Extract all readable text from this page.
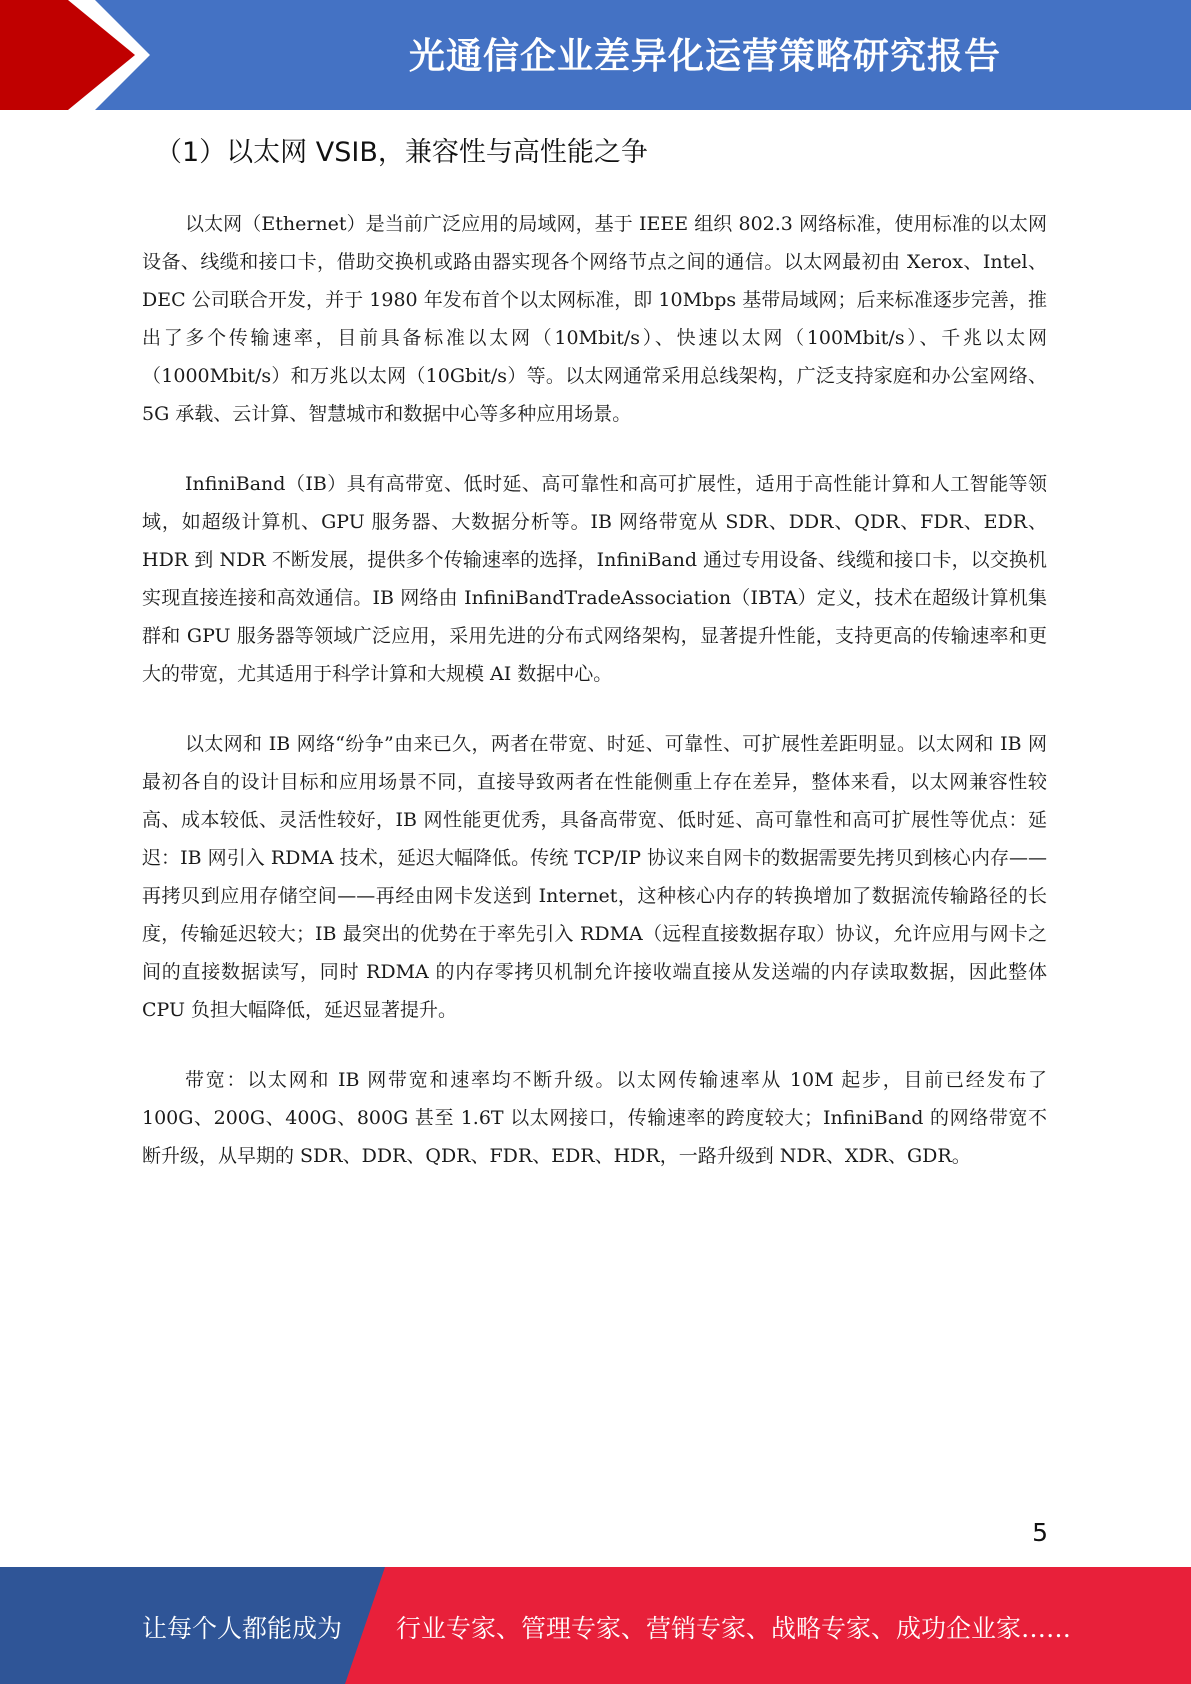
光通信企业差异化运营策略研究报告
（1）以太网 VSIB，兼容性与高性能之争

以太网（Ethernet）是当前广泛应用的局域网，基于 IEEE 组织 802.3 网络标准，使用标准的以太网设备、线缆和接口卡，借助交换机或路由器实现各个网络节点之间的通信。以太网最初由 Xerox、Intel、DEC 公司联合开发，并于 1980 年发布首个以太网标准，即 10Mbps 基带局域网；后来标准逐步完善，推出了多个传输速率，目前具备标准以太网（10Mbit/s）、快速以太网（100Mbit/s）、千兆以太网（1000Mbit/s）和万兆以太网（10Gbit/s）等。以太网通常采用总线架构，广泛支持家庭和办公室网络、5G 承载、云计算、智慧城市和数据中心等多种应用场景。

InfiniBand（IB）具有高带宽、低时延、高可靠性和高可扩展性，适用于高性能计算和人工智能等领域，如超级计算机、GPU 服务器、大数据分析等。IB 网络带宽从 SDR、DDR、QDR、FDR、EDR、HDR 到 NDR 不断发展，提供多个传输速率的选择，InfiniBand 通过专用设备、线缆和接口卡，以交换机实现直接连接和高效通信。IB 网络由 InfiniBandTradeAssociation（IBTA）定义，技术在超级计算机集群和 GPU 服务器等领域广泛应用，采用先进的分布式网络架构，显著提升性能，支持更高的传输速率和更大的带宽，尤其适用于科学计算和大规模 AI 数据中心。

以太网和 IB 网络“纷争”由来已久，两者在带宽、时延、可靠性、可扩展性差距明显。以太网和 IB 网最初各自的设计目标和应用场景不同，直接导致两者在性能侧重上存在差异，整体来看，以太网兼容性较高、成本较低、灵活性较好，IB 网性能更优秀，具备高带宽、低时延、高可靠性和高可扩展性等优点：延迟：IB 网引入 RDMA 技术，延迟大幅降低。传统 TCP/IP 协议来自网卡的数据需要先拷贝到核心内存——再拷贝到应用存储空间——再经由网卡发送到 Internet，这种核心内存的转换增加了数据流传输路径的长度，传输延迟较大；IB 最突出的优势在于率先引入 RDMA（远程直接数据存取）协议，允许应用与网卡之间的直接数据读写，同时 RDMA 的内存零拷贝机制允许接收端直接从发送端的内存读取数据，因此整体 CPU 负担大幅降低，延迟显著提升。

带宽：以太网和 IB 网带宽和速率均不断升级。以太网传输速率从 10M 起步，目前已经发布了 100G、200G、400G、800G 甚至 1.6T 以太网接口，传输速率的跨度较大；InfiniBand 的网络带宽不断升级，从早期的 SDR、DDR、QDR、FDR、EDR、HDR，一路升级到 NDR、XDR、GDR。

5
让每个人都能成为 行业专家、管理专家、营销专家、战略专家、成功企业家……
